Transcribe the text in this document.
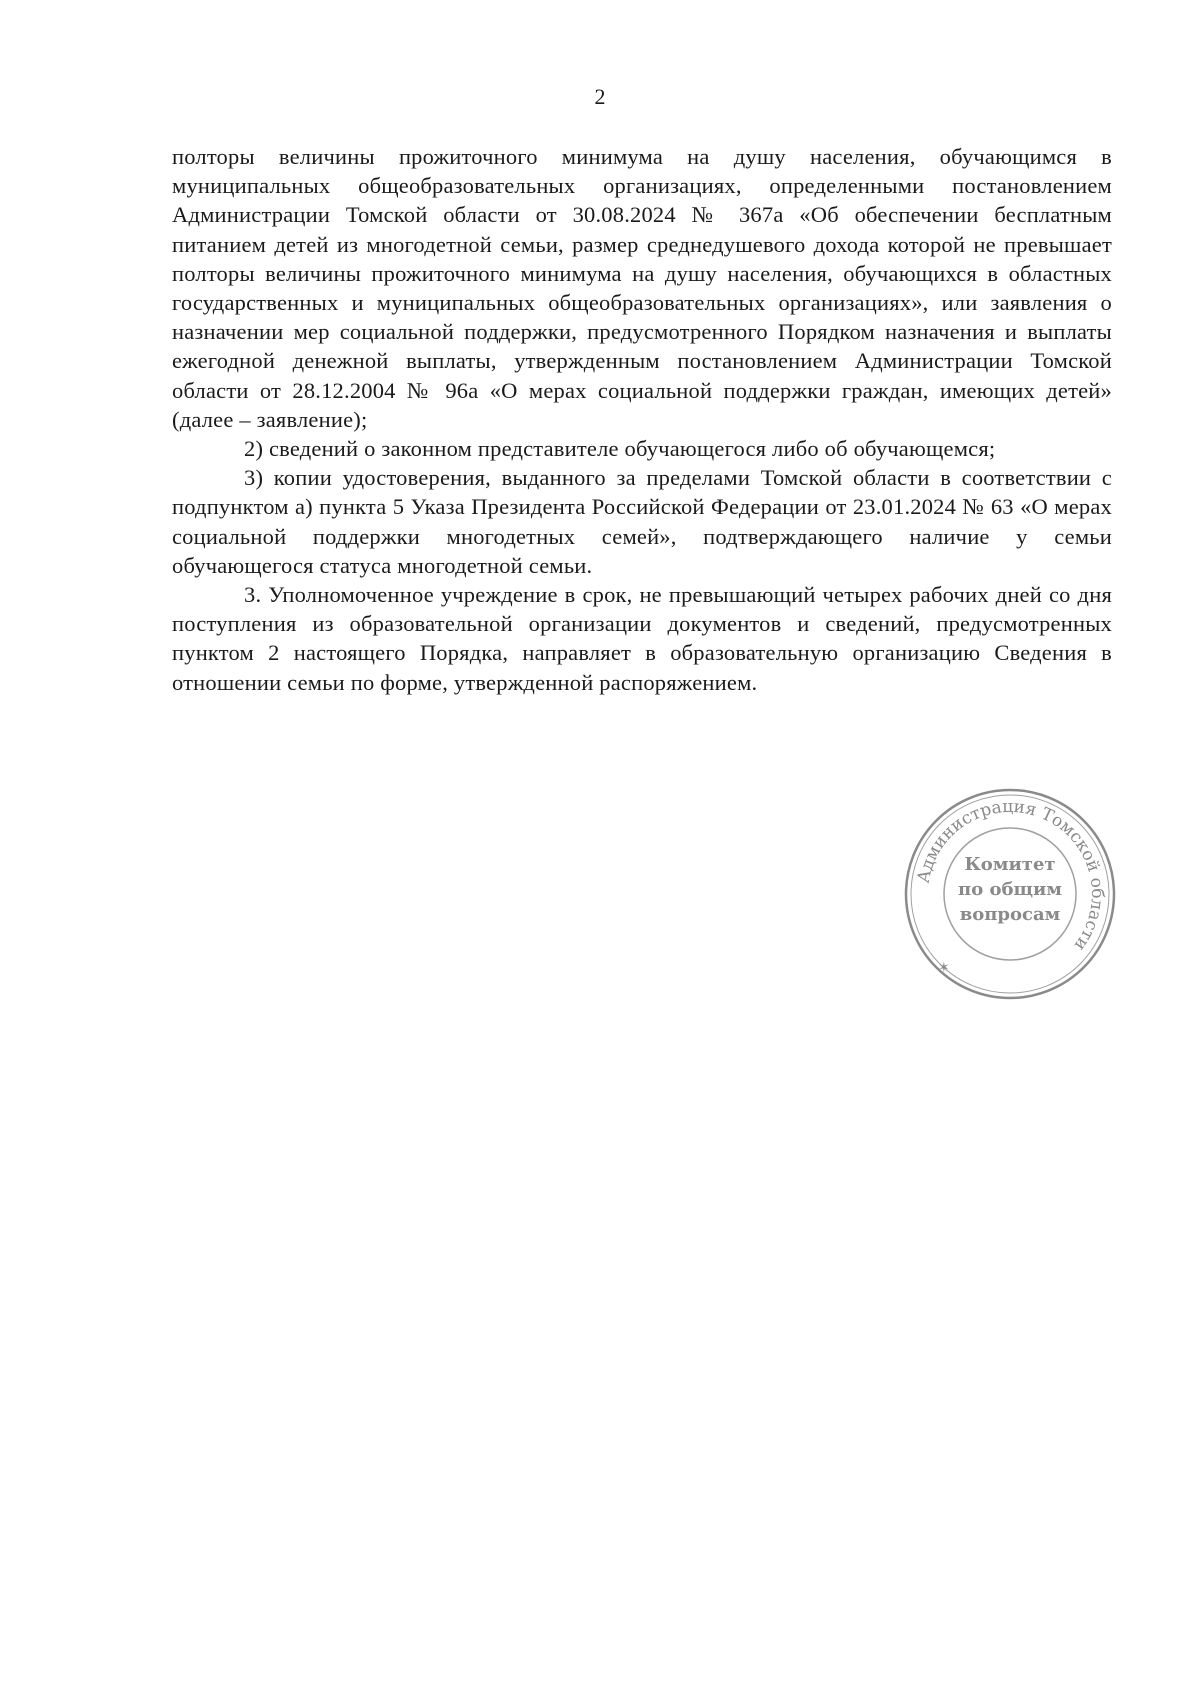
2

полторы величины прожиточного минимума на душу населения, обучающимся в муниципальных общеобразовательных организациях, определенными постановлением Администрации Томской области от 30.08.2024 № 367а «Об обеспечении бесплатным питанием детей из многодетной семьи, размер среднедушевого дохода которой не превышает полторы величины прожиточного минимума на душу населения, обучающихся в областных государственных и муниципальных общеобразовательных организациях», или заявления о назначении мер социальной поддержки, предусмотренного Порядком назначения и выплаты ежегодной денежной выплаты, утвержденным постановлением Администрации Томской области от 28.12.2004 № 96а «О мерах социальной поддержки граждан, имеющих детей» (далее – заявление);

2) сведений о законном представителе обучающегося либо об обучающемся;

3) копии удостоверения, выданного за пределами Томской области в соответствии с подпунктом а) пункта 5 Указа Президента Российской Федерации от 23.01.2024 № 63 «О мерах социальной поддержки многодетных семей», подтверждающего наличие у семьи обучающегося статуса многодетной семьи.

3. Уполномоченное учреждение в срок, не превышающий четырех рабочих дней со дня поступления из образовательной организации документов и сведений, предусмотренных пунктом 2 настоящего Порядка, направляет в образовательную организацию Сведения в отношении семьи по форме, утвержденной распоряжением.

Администрация Томской области
Комитет
по общим
вопросам
✶
